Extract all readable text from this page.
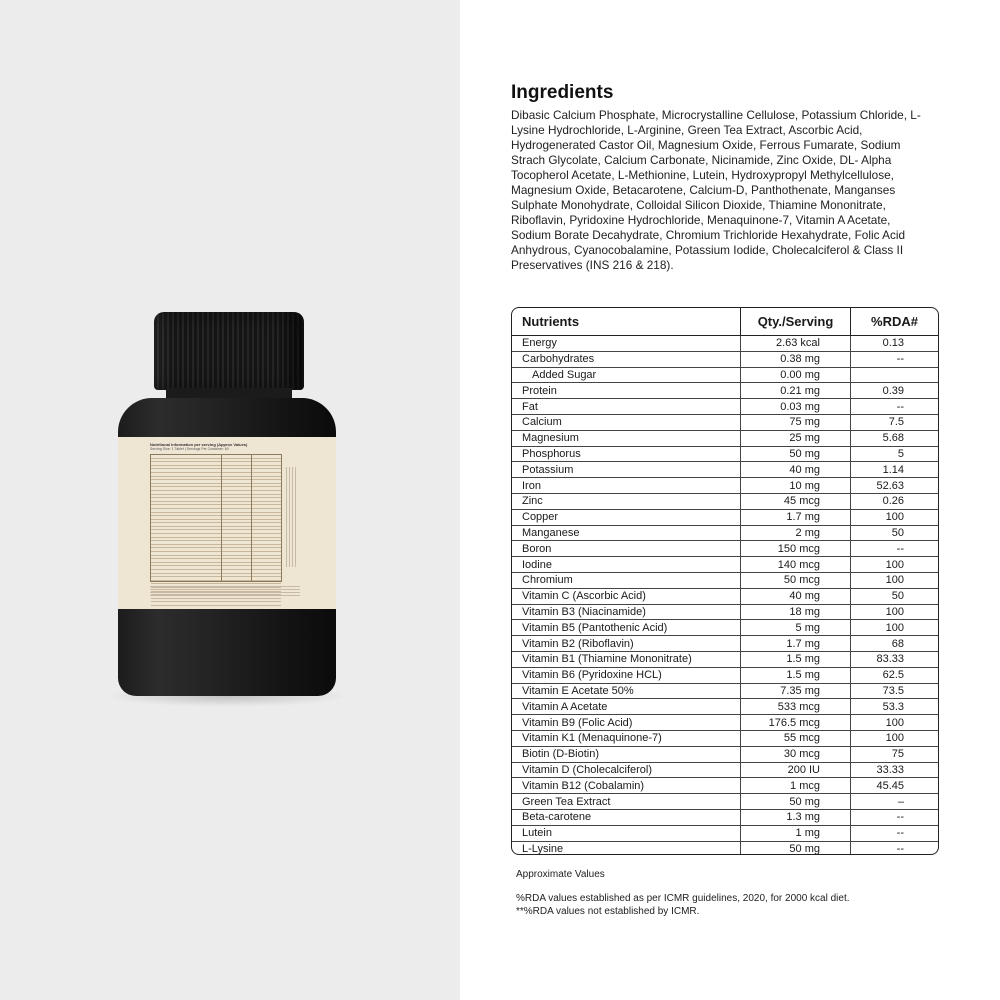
Nutritional information per serving (Approx Values)
Serving Size: 1 Tablet | Servings Per Container: 60
Ingredients
Dibasic Calcium Phosphate, Microcrystalline Cellulose, Potassium Chloride, L-Lysine Hydrochloride, L-Arginine, Green Tea Extract, Ascorbic Acid, Hydrogenerated Castor Oil, Magnesium Oxide, Ferrous Fumarate, Sodium Strach Glycolate, Calcium Carbonate, Nicinamide, Zinc Oxide, DL- Alpha Tocopherol Acetate, L-Methionine, Lutein, Hydroxypropyl Methylcellulose, Magnesium Oxide, Betacarotene, Calcium-D, Panthothenate, Manganses Sulphate Monohydrate, Colloidal Silicon Dioxide, Thiamine Mononitrate, Riboflavin, Pyridoxine Hydrochloride, Menaquinone-7, Vitamin A Acetate, Sodium Borate Decahydrate, Chromium Trichloride Hexahydrate, Folic Acid Anhydrous, Cyanocobalamine, Potassium Iodide, Cholecalciferol & Class II Preservatives (INS 216 & 218).
Nutrients	Qty./Serving	%RDA#
Energy	2.63 kcal	0.13
Carbohydrates	0.38 mg	--
Added Sugar	0.00 mg	
Protein	0.21 mg	0.39
Fat	0.03 mg	--
Calcium	75 mg	7.5
Magnesium	25 mg	5.68
Phosphorus	50 mg	5
Potassium	40 mg	1.14
Iron	10 mg	52.63
Zinc	45 mcg	0.26
Copper	1.7 mg	100
Manganese	2 mg	50
Boron	150 mcg	--
Iodine	140 mcg	100
Chromium	50 mcg	100
Vitamin C (Ascorbic Acid)	40 mg	50
Vitamin B3 (Niacinamide)	18 mg	100
Vitamin B5 (Pantothenic Acid)	5 mg	100
Vitamin B2 (Riboflavin)	1.7 mg	68
Vitamin B1 (Thiamine Mononitrate)	1.5 mg	83.33
Vitamin B6 (Pyridoxine HCL)	1.5 mg	62.5
Vitamin E Acetate 50%	7.35 mg	73.5
Vitamin A Acetate	533 mcg	53.3
Vitamin B9 (Folic Acid)	176.5 mcg	100
Vitamin K1 (Menaquinone-7)	55 mcg	100
Biotin (D-Biotin)	30 mcg	75
Vitamin D (Cholecalciferol)	200 IU	33.33
Vitamin B12 (Cobalamin)	1 mcg	45.45
Green Tea Extract	50 mg	–
Beta-carotene	1.3 mg	--
Lutein	1 mg	--
L-Lysine	50 mg	--

Approximate Values
%RDA values established as per ICMR guidelines, 2020, for 2000 kcal diet.
**%RDA values not established by ICMR.
